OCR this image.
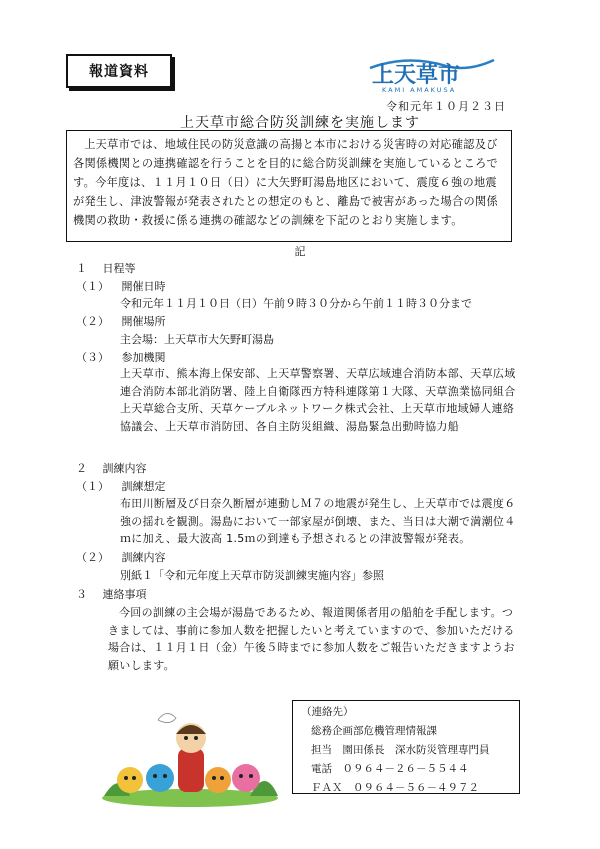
報道資料	上天草市
KAMI AMAKUSA
令和元年１０月２３日
上天草市総合防災訓練を実施します
上天草市では、地域住民の防災意識の高揚と本市における災害時の対応確認及び各関係機関との連携確認を行うことを目的に総合防災訓練を実施しているところです。今年度は、１１月１０日（日）に大矢野町湯島地区において、震度６強の地震が発生し、津波警報が発表されたとの想定のもと、離島で被害があった場合の関係機関の救助・救援に係る連携の確認などの訓練を下記のとおり実施します。
記
１ 日程等
（１） 開催日時
令和元年１１月１０日（日）午前９時３０分から午前１１時３０分まで
（２） 開催場所
主会場：上天草市大矢野町湯島
（３） 参加機関
上天草市、熊本海上保安部、上天草警察署、天草広域連合消防本部、天草広域連合消防本部北消防署、陸上自衛隊西方特科連隊第１大隊、天草漁業協同組合上天草総合支所、天草ケーブルネットワーク株式会社、上天草市地域婦人連絡協議会、上天草市消防団、各自主防災組織、湯島緊急出動時協力船
２ 訓練内容
（１） 訓練想定
布田川断層及び日奈久断層が連動しＭ７の地震が発生し、上天草市では震度６強の揺れを観測。湯島において一部家屋が倒壊、また、当日は大潮で満潮位４ｍに加え、最大波高 1.5ｍの到達も予想されるとの津波警報が発表。
（２） 訓練内容
別紙１「令和元年度上天草市防災訓練実施内容」参照
３ 連絡事項
今回の訓練の主会場が湯島であるため、報道関係者用の船舶を手配します。つきましては、事前に参加人数を把握したいと考えていますので、参加いただける場合は、１１月１日（金）午後５時までに参加人数をご報告いただきますようお願いします。
（連絡先）
総務企画部危機管理情報課
担当　園田係長　深水防災管理専門員
電話　０９６４－２６－５５４４
ＦＡＸ　０９６４－５６－４９７２
